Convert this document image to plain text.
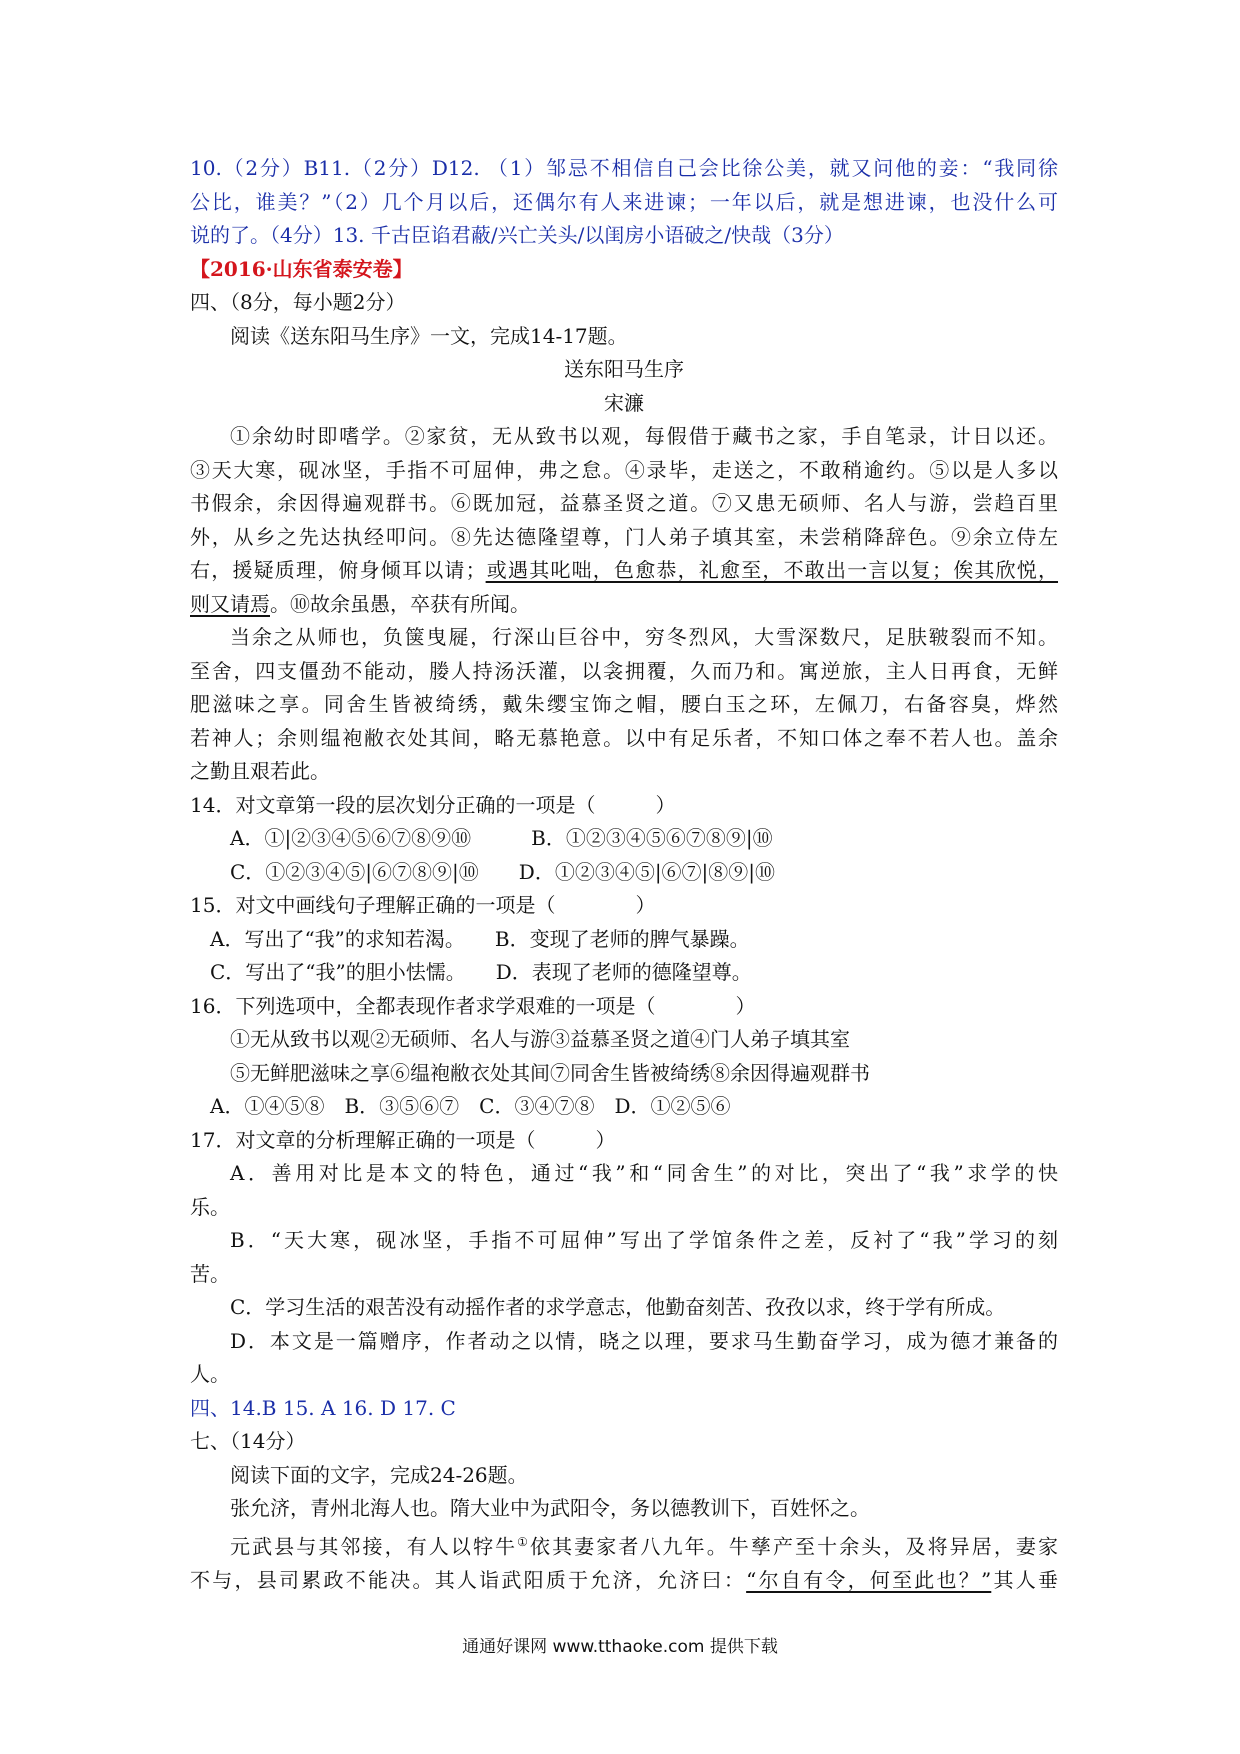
10.（2分）B11.（2分）D12. （1）邹忌不相信自己会比徐公美，就又问他的妾：“我同徐
公比，谁美？”（2）几个月以后，还偶尔有人来进谏；一年以后，就是想进谏，也没什么可
说的了。（4分）13. 千古臣谄君蔽/兴亡关头/以闺房小语破之/快哉（3分）
【2016·山东省泰安卷】
四、（8分，每小题2分）
阅读《送东阳马生序》一文，完成14-17题。
送东阳马生序
宋濂
①余幼时即嗜学。②家贫，无从致书以观，每假借于藏书之家，手自笔录，计日以还。
③天大寒，砚冰坚，手指不可屈伸，弗之怠。④录毕，走送之，不敢稍逾约。⑤以是人多以
书假余，余因得遍观群书。⑥既加冠，益慕圣贤之道。⑦又患无硕师、名人与游，尝趋百里
外，从乡之先达执经叩问。⑧先达德隆望尊，门人弟子填其室，未尝稍降辞色。⑨余立侍左
右，援疑质理，俯身倾耳以请；或遇其叱咄，色愈恭，礼愈至，不敢出一言以复；俟其欣悦，
则又请焉。⑩故余虽愚，卒获有所闻。
当余之从师也，负箧曳屣，行深山巨谷中，穷冬烈风，大雪深数尺，足肤皲裂而不知。
至舍，四支僵劲不能动，媵人持汤沃灌，以衾拥覆，久而乃和。寓逆旅，主人日再食，无鲜
肥滋味之享。同舍生皆被绮绣，戴朱缨宝饰之帽，腰白玉之环，左佩刀，右备容臭，烨然
若神人；余则缊袍敝衣处其间，略无慕艳意。以中有足乐者，不知口体之奉不若人也。盖余
之勤且艰若此。
14．对文章第一段的层次划分正确的一项是（　　　）
A．①|②③④⑤⑥⑦⑧⑨⑩　　　B．①②③④⑤⑥⑦⑧⑨|⑩
C．①②③④⑤|⑥⑦⑧⑨|⑩　　D．①②③④⑤|⑥⑦|⑧⑨|⑩
15．对文中画线句子理解正确的一项是（　　　　）
A．写出了“我”的求知若渴。　　B．变现了老师的脾气暴躁。
C．写出了“我”的胆小怯懦。　　D．表现了老师的德隆望尊。
16．下列选项中，全都表现作者求学艰难的一项是（　　　　）
①无从致书以观②无硕师、名人与游③益慕圣贤之道④门人弟子填其室
⑤无鲜肥滋味之享⑥缊袍敝衣处其间⑦同舍生皆被绮绣⑧余因得遍观群书
A．①④⑤⑧　B．③⑤⑥⑦　C．③④⑦⑧　D．①②⑤⑥
17．对文章的分析理解正确的一项是（　　　）
A．善用对比是本文的特色，通过“我”和“同舍生”的对比，突出了“我”求学的快
乐。
B．“天大寒，砚冰坚，手指不可屈伸”写出了学馆条件之差，反衬了“我”学习的刻
苦。
C．学习生活的艰苦没有动摇作者的求学意志，他勤奋刻苦、孜孜以求，终于学有所成。
D．本文是一篇赠序，作者动之以情，晓之以理，要求马生勤奋学习，成为德才兼备的
人。
四、14.B 15. A 16. D 17. C
七、（14分）
阅读下面的文字，完成24-26题。
张允济，青州北海人也。隋大业中为武阳令，务以德教训下，百姓怀之。
元武县与其邻接，有人以牸牛①依其妻家者八九年。牛孳产至十余头，及将异居，妻家
不与，县司累政不能决。其人诣武阳质于允济，允济曰：“尔自有令，何至此也？”其人垂
通通好课网 www.tthaoke.com 提供下载
